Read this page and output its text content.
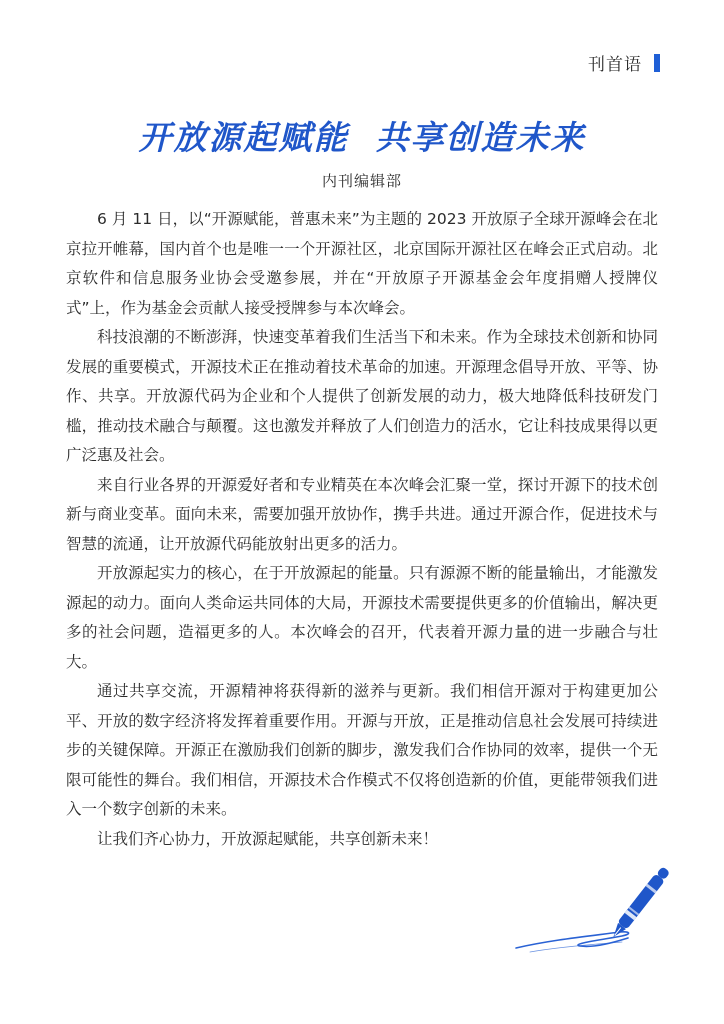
刊首语
开放源起赋能  共享创造未来
内刊编辑部

6 月 11 日，以“开源赋能，普惠未来”为主题的 2023 开放原子全球开源峰会在北京拉开帷幕，国内首个也是唯一一个开源社区，北京国际开源社区在峰会正式启动。北京软件和信息服务业协会受邀参展，并在“开放原子开源基金会年度捐赠人授牌仪式”上，作为基金会贡献人接受授牌参与本次峰会。

科技浪潮的不断澎湃，快速变革着我们生活当下和未来。作为全球技术创新和协同发展的重要模式，开源技术正在推动着技术革命的加速。开源理念倡导开放、平等、协作、共享。开放源代码为企业和个人提供了创新发展的动力，极大地降低科技研发门槛，推动技术融合与颠覆。这也激发并释放了人们创造力的活水，它让科技成果得以更广泛惠及社会。

来自行业各界的开源爱好者和专业精英在本次峰会汇聚一堂，探讨开源下的技术创新与商业变革。面向未来，需要加强开放协作，携手共进。通过开源合作，促进技术与智慧的流通，让开放源代码能放射出更多的活力。

开放源起实力的核心，在于开放源起的能量。只有源源不断的能量输出，才能激发源起的动力。面向人类命运共同体的大局，开源技术需要提供更多的价值输出，解决更多的社会问题，造福更多的人。本次峰会的召开，代表着开源力量的进一步融合与壮大。

通过共享交流，开源精神将获得新的滋养与更新。我们相信开源对于构建更加公平、开放的数字经济将发挥着重要作用。开源与开放，正是推动信息社会发展可持续进步的关键保障。开源正在激励我们创新的脚步，激发我们合作协同的效率，提供一个无限可能性的舞台。我们相信，开源技术合作模式不仅将创造新的价值，更能带领我们进入一个数字创新的未来。

让我们齐心协力，开放源起赋能，共享创新未来！
